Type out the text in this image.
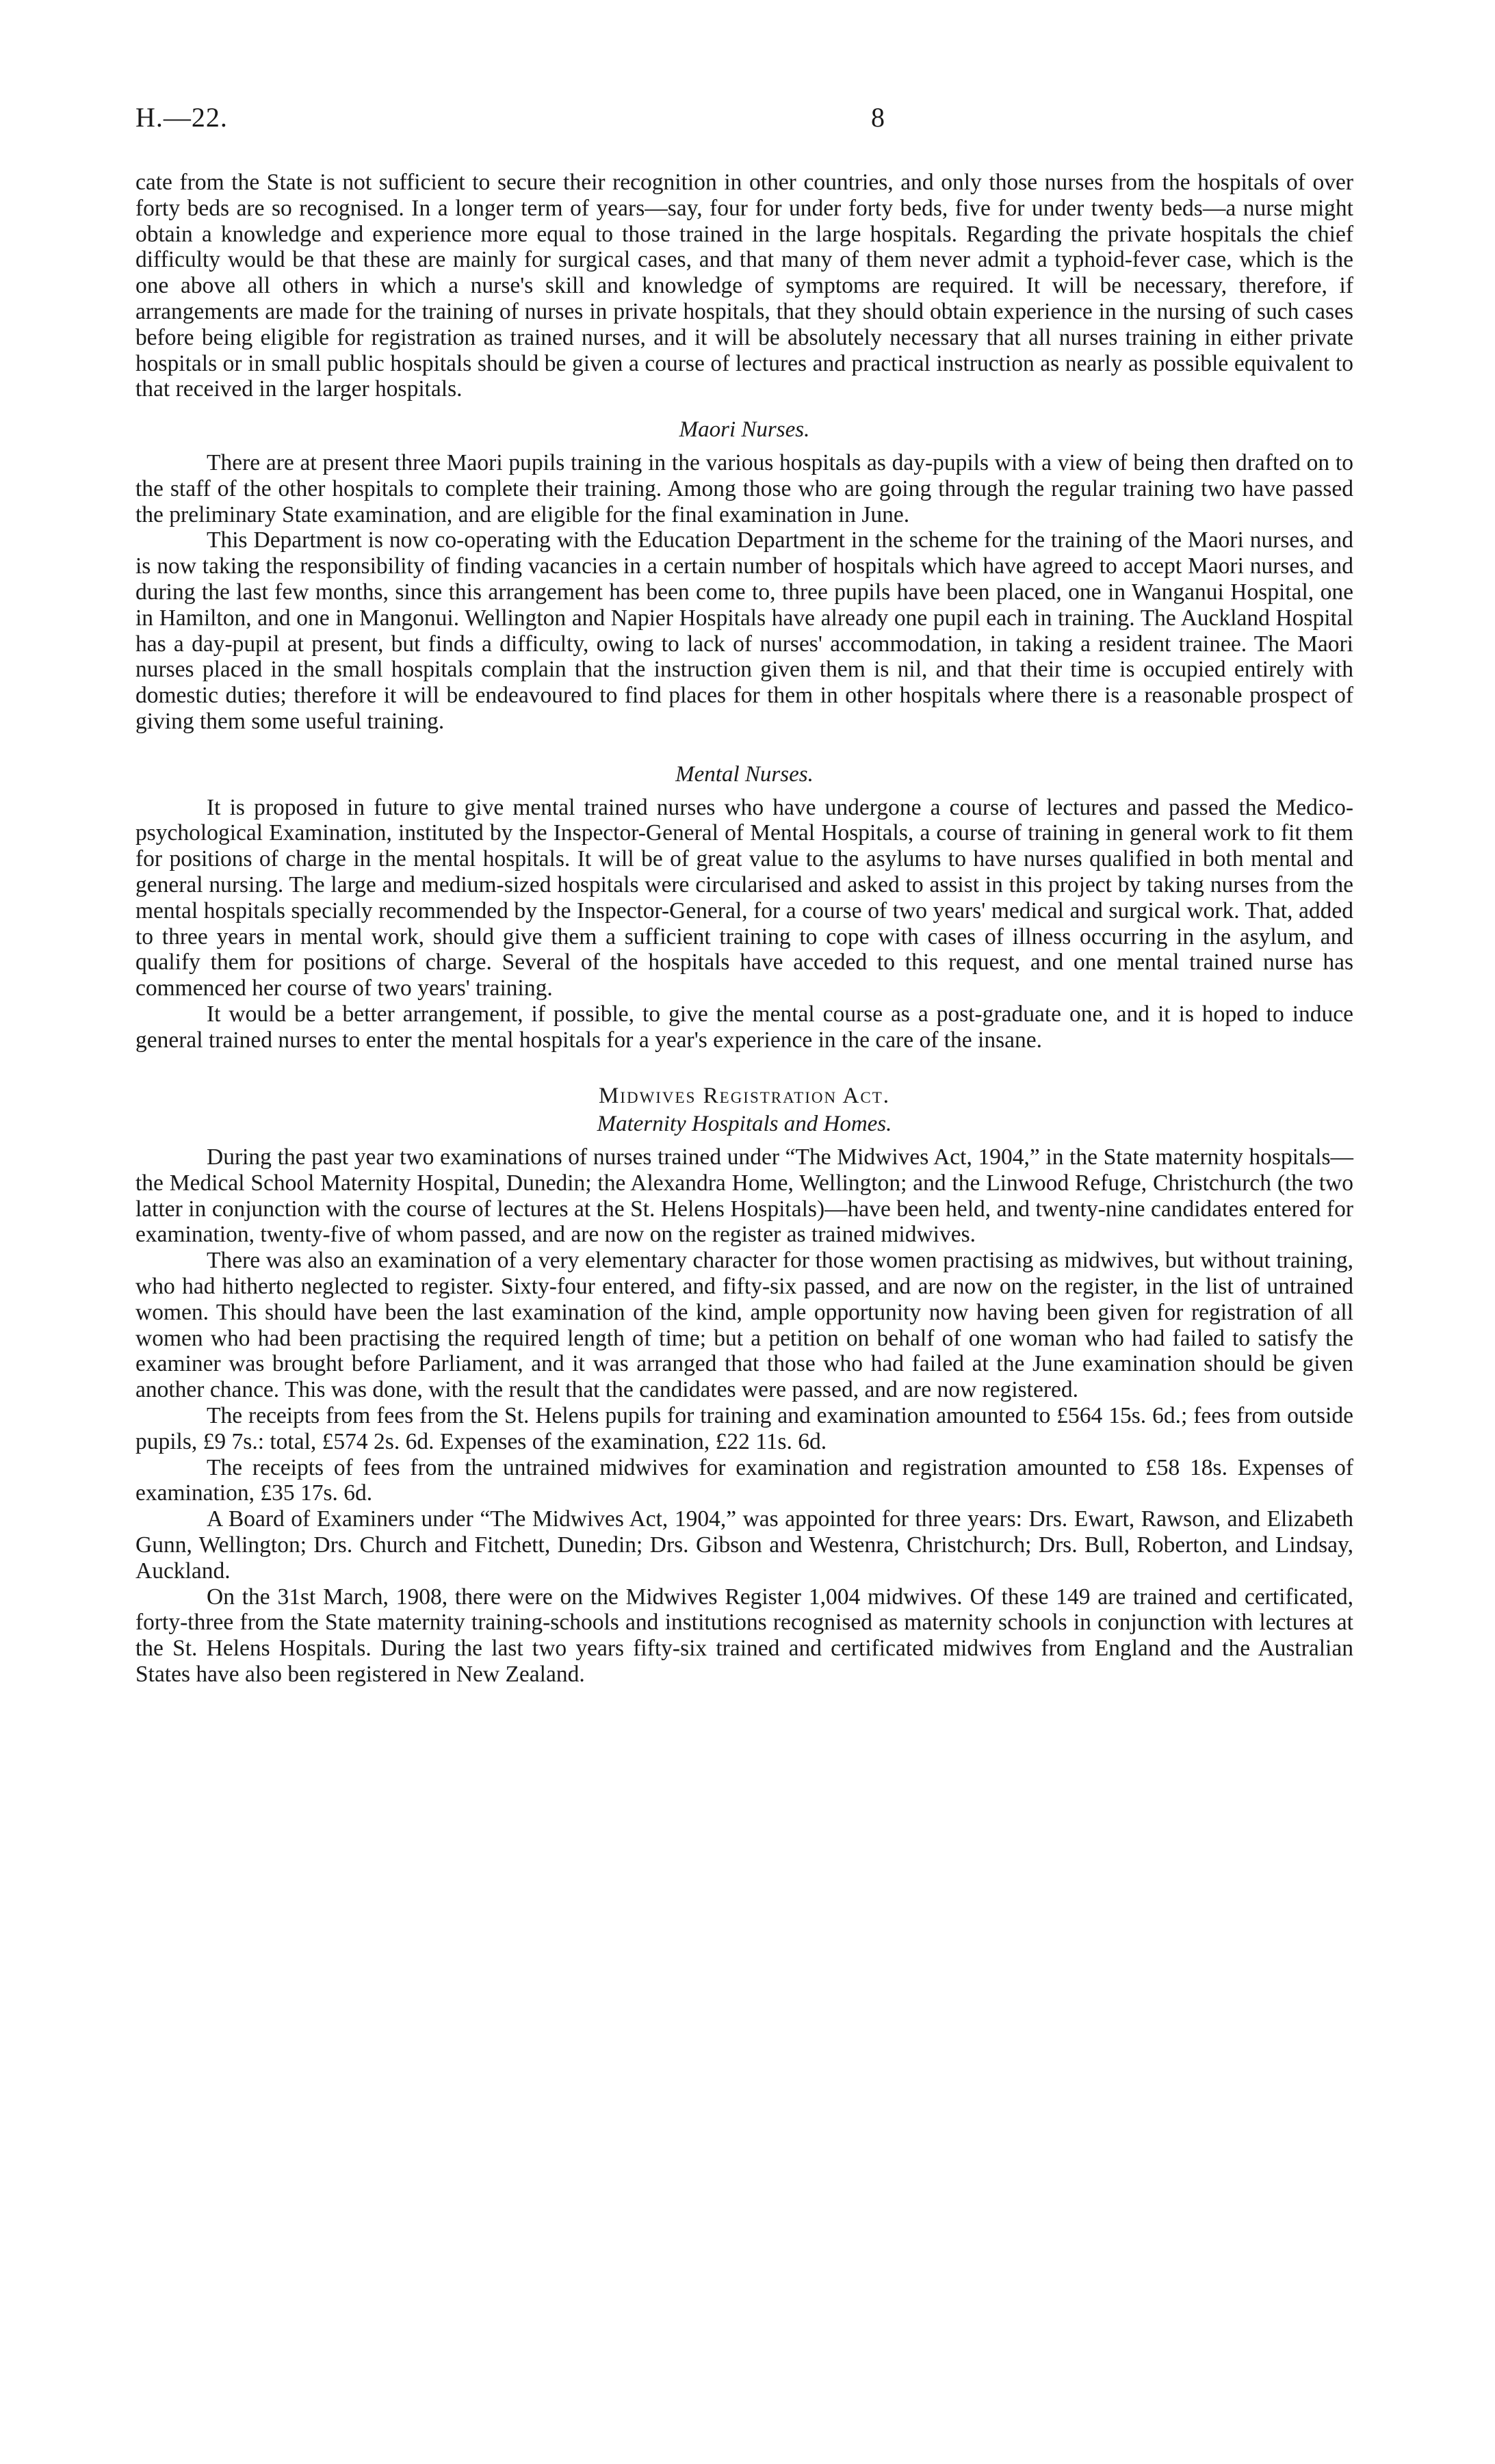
H.—22.	8

cate from the State is not sufficient to secure their recognition in other countries, and only those nurses from the hospitals of over forty beds are so recognised. In a longer term of years—say, four for under forty beds, five for under twenty beds—a nurse might obtain a knowledge and experience more equal to those trained in the large hospitals. Regarding the private hospitals the chief difficulty would be that these are mainly for surgical cases, and that many of them never admit a typhoid-fever case, which is the one above all others in which a nurse's skill and knowledge of symptoms are required. It will be necessary, therefore, if arrangements are made for the training of nurses in private hospitals, that they should obtain experience in the nursing of such cases before being eligible for registration as trained nurses, and it will be absolutely necessary that all nurses training in either private hospitals or in small public hospitals should be given a course of lectures and practical instruction as nearly as possible equivalent to that received in the larger hospitals.

Maori Nurses.

There are at present three Maori pupils training in the various hospitals as day-pupils with a view of being then drafted on to the staff of the other hospitals to complete their training. Among those who are going through the regular training two have passed the preliminary State examination, and are eligible for the final examination in June.

This Department is now co-operating with the Education Department in the scheme for the training of the Maori nurses, and is now taking the responsibility of finding vacancies in a certain number of hospitals which have agreed to accept Maori nurses, and during the last few months, since this arrangement has been come to, three pupils have been placed, one in Wanganui Hospital, one in Hamilton, and one in Mangonui. Wellington and Napier Hospitals have already one pupil each in training. The Auckland Hospital has a day-pupil at present, but finds a difficulty, owing to lack of nurses' accommodation, in taking a resident trainee. The Maori nurses placed in the small hospitals complain that the instruction given them is nil, and that their time is occupied entirely with domestic duties; therefore it will be endeavoured to find places for them in other hospitals where there is a reasonable prospect of giving them some useful training.

Mental Nurses.

It is proposed in future to give mental trained nurses who have undergone a course of lectures and passed the Medico-psychological Examination, instituted by the Inspector-General of Mental Hospitals, a course of training in general work to fit them for positions of charge in the mental hospitals. It will be of great value to the asylums to have nurses qualified in both mental and general nursing. The large and medium-sized hospitals were circularised and asked to assist in this project by taking nurses from the mental hospitals specially recommended by the Inspector-General, for a course of two years' medical and surgical work. That, added to three years in mental work, should give them a sufficient training to cope with cases of illness occurring in the asylum, and qualify them for positions of charge. Several of the hospitals have acceded to this request, and one mental trained nurse has commenced her course of two years' training.

It would be a better arrangement, if possible, to give the mental course as a post-graduate one, and it is hoped to induce general trained nurses to enter the mental hospitals for a year's experience in the care of the insane.

Midwives Registration Act.
Maternity Hospitals and Homes.

During the past year two examinations of nurses trained under “The Midwives Act, 1904,” in the State maternity hospitals—the Medical School Maternity Hospital, Dunedin; the Alexandra Home, Wellington; and the Linwood Refuge, Christchurch (the two latter in conjunction with the course of lectures at the St. Helens Hospitals)—have been held, and twenty-nine candidates entered for examination, twenty-five of whom passed, and are now on the register as trained midwives.

There was also an examination of a very elementary character for those women practising as midwives, but without training, who had hitherto neglected to register. Sixty-four entered, and fifty-six passed, and are now on the register, in the list of untrained women. This should have been the last examination of the kind, ample opportunity now having been given for registration of all women who had been practising the required length of time; but a petition on behalf of one woman who had failed to satisfy the examiner was brought before Parliament, and it was arranged that those who had failed at the June examination should be given another chance. This was done, with the result that the candidates were passed, and are now registered.

The receipts from fees from the St. Helens pupils for training and examination amounted to £564 15s. 6d.; fees from outside pupils, £9 7s.: total, £574 2s. 6d. Expenses of the examination, £22 11s. 6d.

The receipts of fees from the untrained midwives for examination and registration amounted to £58 18s. Expenses of examination, £35 17s. 6d.

A Board of Examiners under “The Midwives Act, 1904,” was appointed for three years: Drs. Ewart, Rawson, and Elizabeth Gunn, Wellington; Drs. Church and Fitchett, Dunedin; Drs. Gibson and Westenra, Christchurch; Drs. Bull, Roberton, and Lindsay, Auckland.

On the 31st March, 1908, there were on the Midwives Register 1,004 midwives. Of these 149 are trained and certificated, forty-three from the State maternity training-schools and institutions recognised as maternity schools in conjunction with lectures at the St. Helens Hospitals. During the last two years fifty-six trained and certificated midwives from England and the Australian States have also been registered in New Zealand.
